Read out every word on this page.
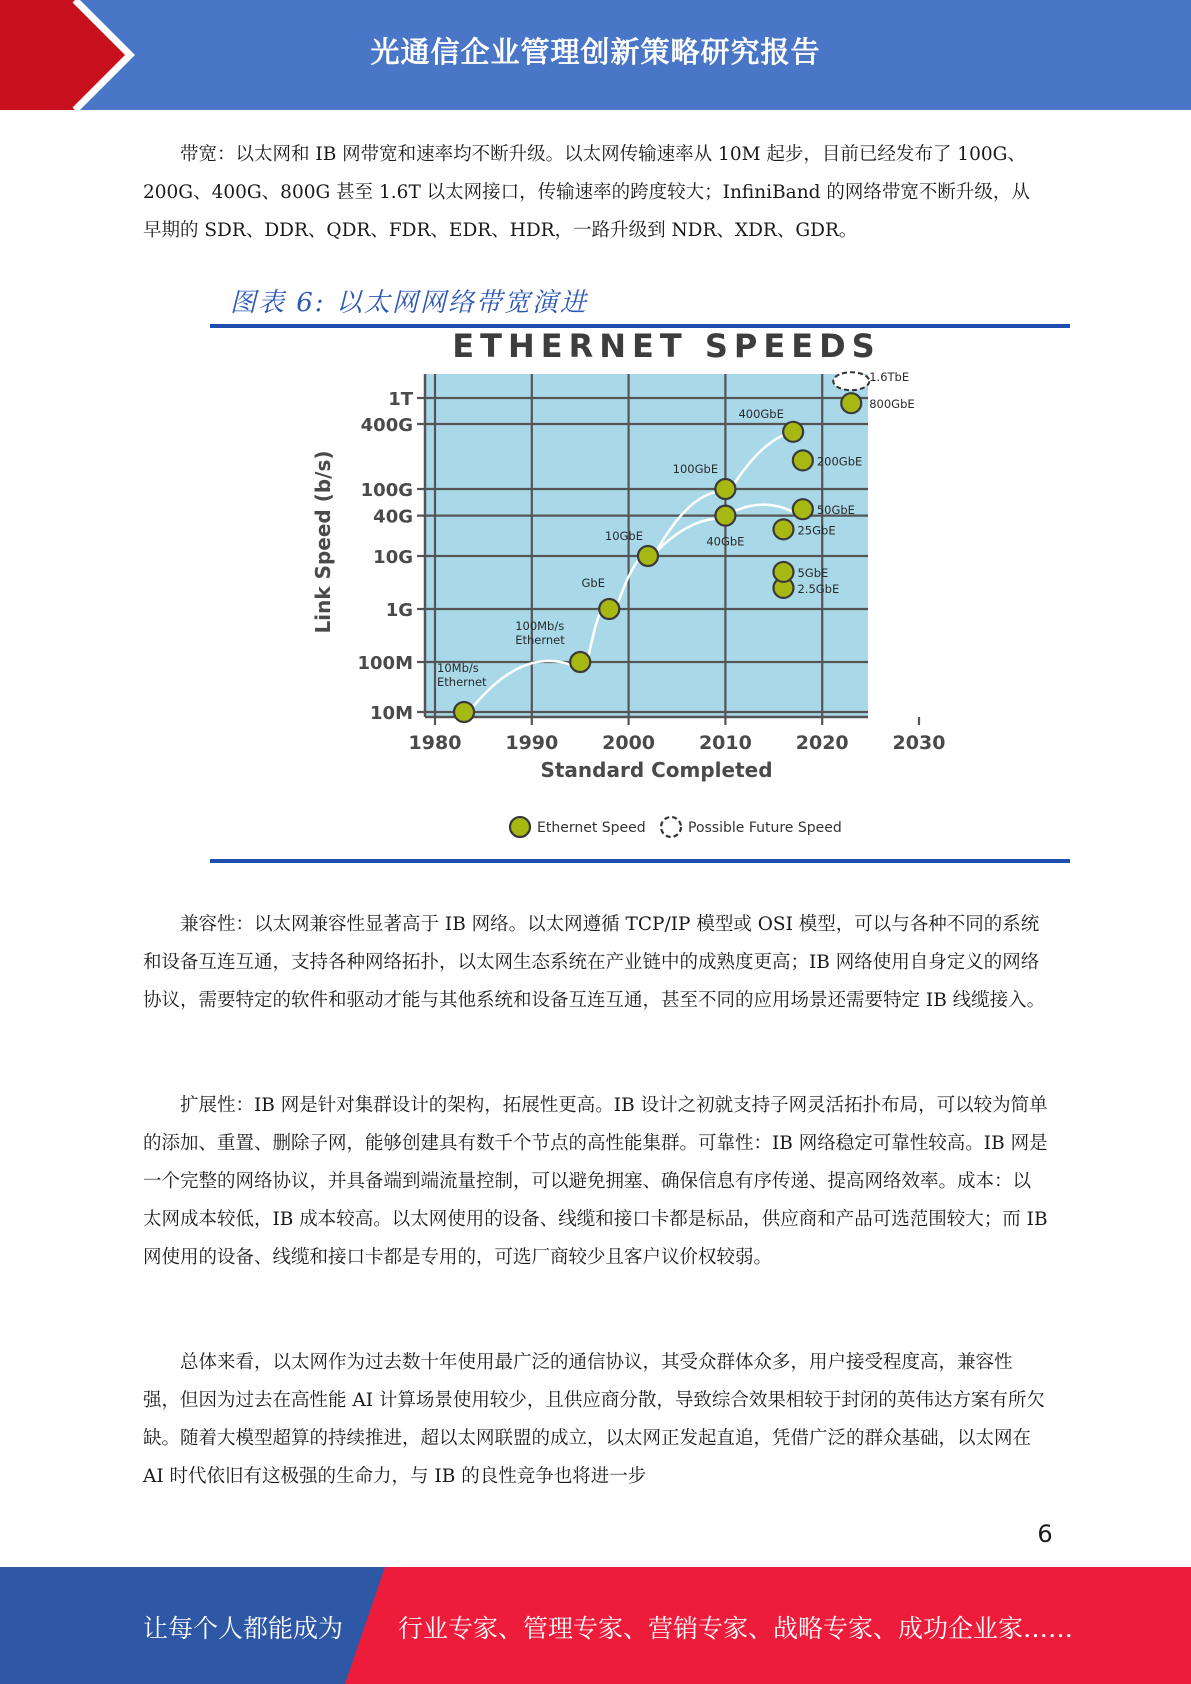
光通信企业管理创新策略研究报告

带宽：以太网和 IB 网带宽和速率均不断升级。以太网传输速率从 10M 起步，目前已经发布了 100G、200G、400G、800G 甚至 1.6T 以太网接口，传输速率的跨度较大；InfiniBand 的网络带宽不断升级，从早期的 SDR、DDR、QDR、FDR、EDR、HDR，一路升级到 NDR、XDR、GDR。

图表 6: 以太网网络带宽演进
ETHERNET SPEEDS
1980 1990 2000 2010 2020 2030
1T
400G
100G
40G
10G
1G
100M
10M
Standard Completed
Link Speed (b/s)
10Mb/s
Ethernet
100Mb/s
Ethernet
GbE
10GbE	40GbE
100GbE
2.5GbE
5GbE
25GbE
400GbE
200GbE
50GbE
800GbE
1.6TbE
Ethernet Speed	Possible Future Speed

兼容性：以太网兼容性显著高于 IB 网络。以太网遵循 TCP/IP 模型或 OSI 模型，可以与各种不同的系统和设备互连互通，支持各种网络拓扑，以太网生态系统在产业链中的成熟度更高；IB 网络使用自身定义的网络协议，需要特定的软件和驱动才能与其他系统和设备互连互通，甚至不同的应用场景还需要特定 IB 线缆接入。

扩展性：IB 网是针对集群设计的架构，拓展性更高。IB 设计之初就支持子网灵活拓扑布局，可以较为简单的添加、重置、删除子网，能够创建具有数千个节点的高性能集群。可靠性：IB 网络稳定可靠性较高。IB 网是一个完整的网络协议，并具备端到端流量控制，可以避免拥塞、确保信息有序传递、提高网络效率。成本：以太网成本较低，IB 成本较高。以太网使用的设备、线缆和接口卡都是标品，供应商和产品可选范围较大；而 IB 网使用的设备、线缆和接口卡都是专用的，可选厂商较少且客户议价权较弱。

总体来看，以太网作为过去数十年使用最广泛的通信协议，其受众群体众多，用户接受程度高，兼容性强，但因为过去在高性能 AI 计算场景使用较少，且供应商分散，导致综合效果相较于封闭的英伟达方案有所欠缺。随着大模型超算的持续推进，超以太网联盟的成立，以太网正发起直追，凭借广泛的群众基础，以太网在 AI 时代依旧有这极强的生命力，与 IB 的良性竞争也将进一步

6
让每个人都能成为 行业专家、管理专家、营销专家、战略专家、成功企业家……
